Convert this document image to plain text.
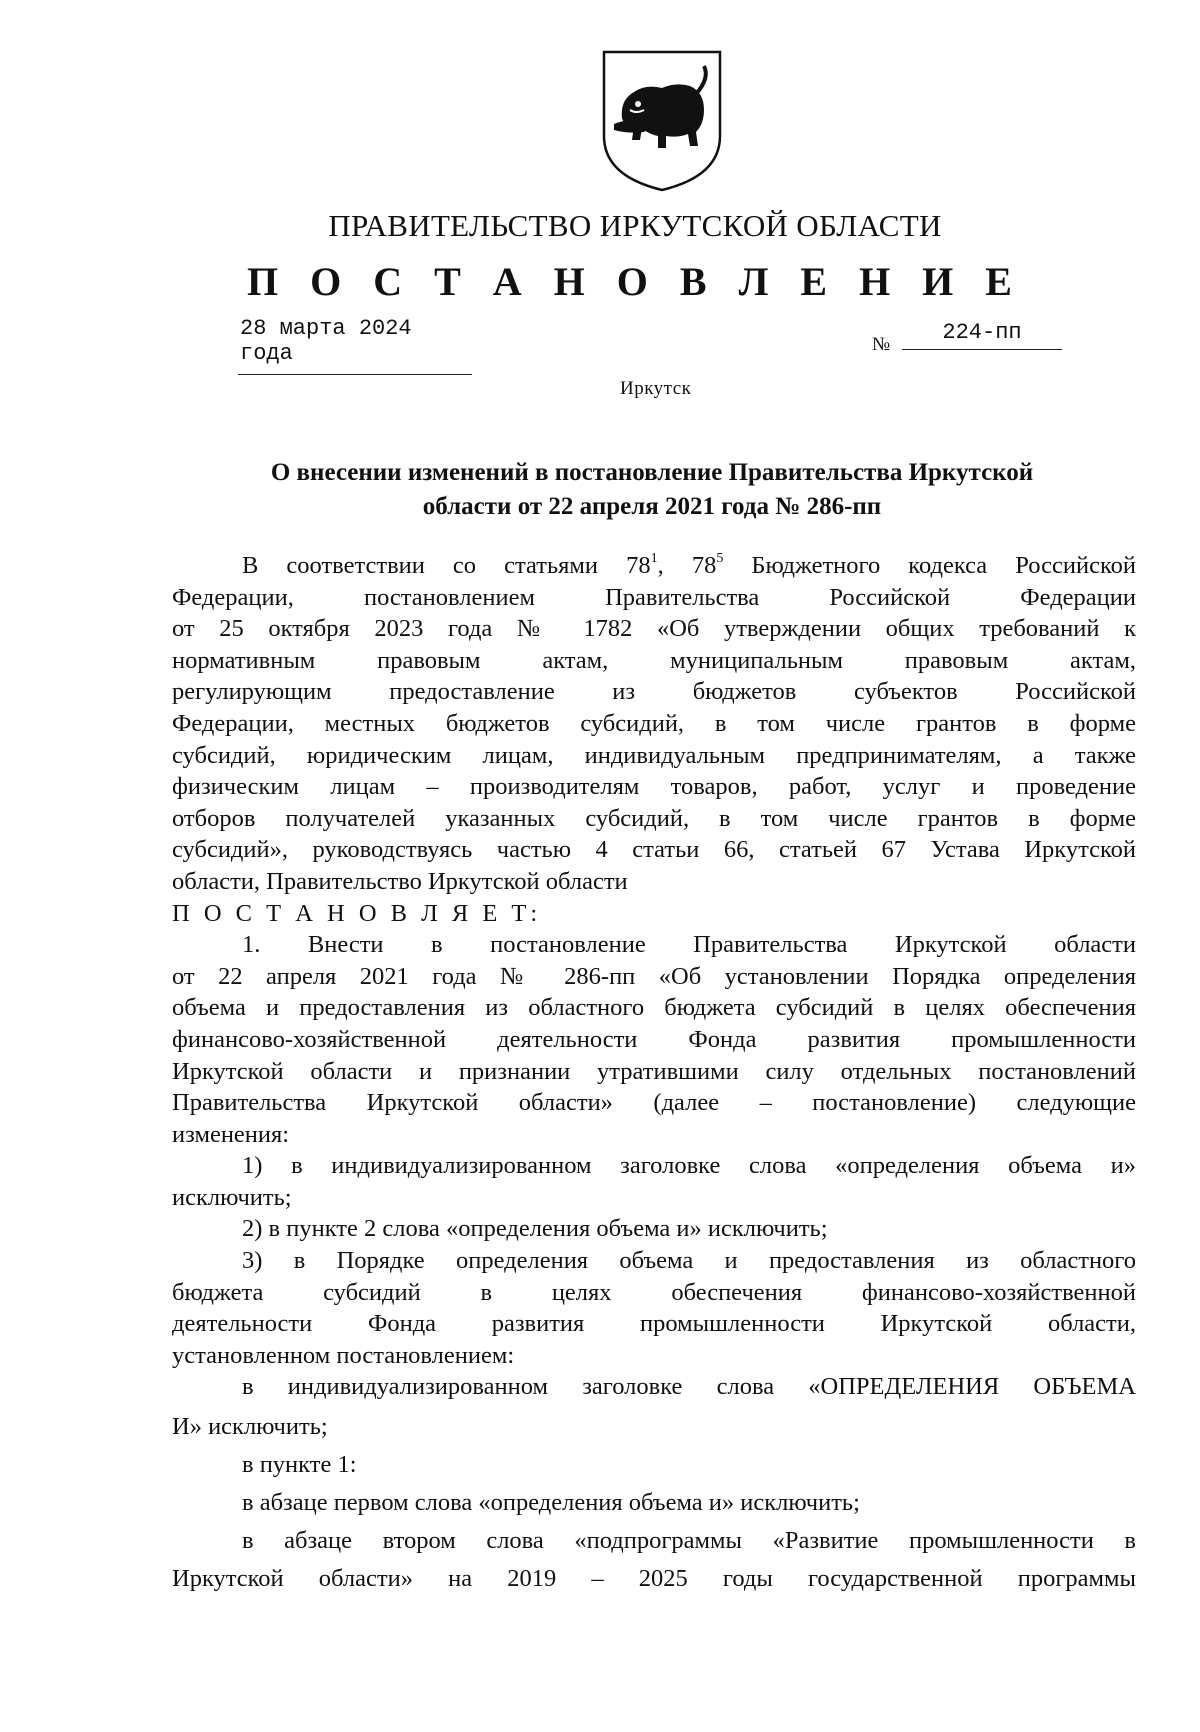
ПРАВИТЕЛЬСТВО ИРКУТСКОЙ ОБЛАСТИ
П О С Т А Н О В Л Е Н И Е
28 марта 2024 года	№	224-пп
Иркутск
О внесении изменений в постановление Правительства Иркутской
области от 22 апреля 2021 года № 286-пп
В соответствии со статьями $78^1$, $78^5$ Бюджетного кодекса Российской
Федерации, постановлением Правительства Российской Федерации
от 25 октября 2023 года № 1782 «Об утверждении общих требований к
нормативным правовым актам, муниципальным правовым актам,
регулирующим предоставление из бюджетов субъектов Российской
Федерации, местных бюджетов субсидий, в том числе грантов в форме
субсидий, юридическим лицам, индивидуальным предпринимателям, а также
физическим лицам – производителям товаров, работ, услуг и проведение
отборов получателей указанных субсидий, в том числе грантов в форме
субсидий», руководствуясь частью 4 статьи 66, статьей 67 Устава Иркутской
области, Правительство Иркутской области
П О С Т А Н О В Л Я Е Т:
1. Внести в постановление Правительства Иркутской области
от 22 апреля 2021 года № 286-пп «Об установлении Порядка определения
объема и предоставления из областного бюджета субсидий в целях обеспечения
финансово-хозяйственной деятельности Фонда развития промышленности
Иркутской области и признании утратившими силу отдельных постановлений
Правительства Иркутской области» (далее – постановление) следующие
изменения:
1) в индивидуализированном заголовке слова «определения объема и»
исключить;
2) в пункте 2 слова «определения объема и» исключить;
3) в Порядке определения объема и предоставления из областного
бюджета субсидий в целях обеспечения финансово-хозяйственной
деятельности Фонда развития промышленности Иркутской области,
установленном постановлением:
в индивидуализированном заголовке слова «ОПРЕДЕЛЕНИЯ ОБЪЕМА
И» исключить;
в пункте 1:
в абзаце первом слова «определения объема и» исключить;
в абзаце втором слова «подпрограммы «Развитие промышленности в
Иркутской области» на 2019 – 2025 годы государственной программы
